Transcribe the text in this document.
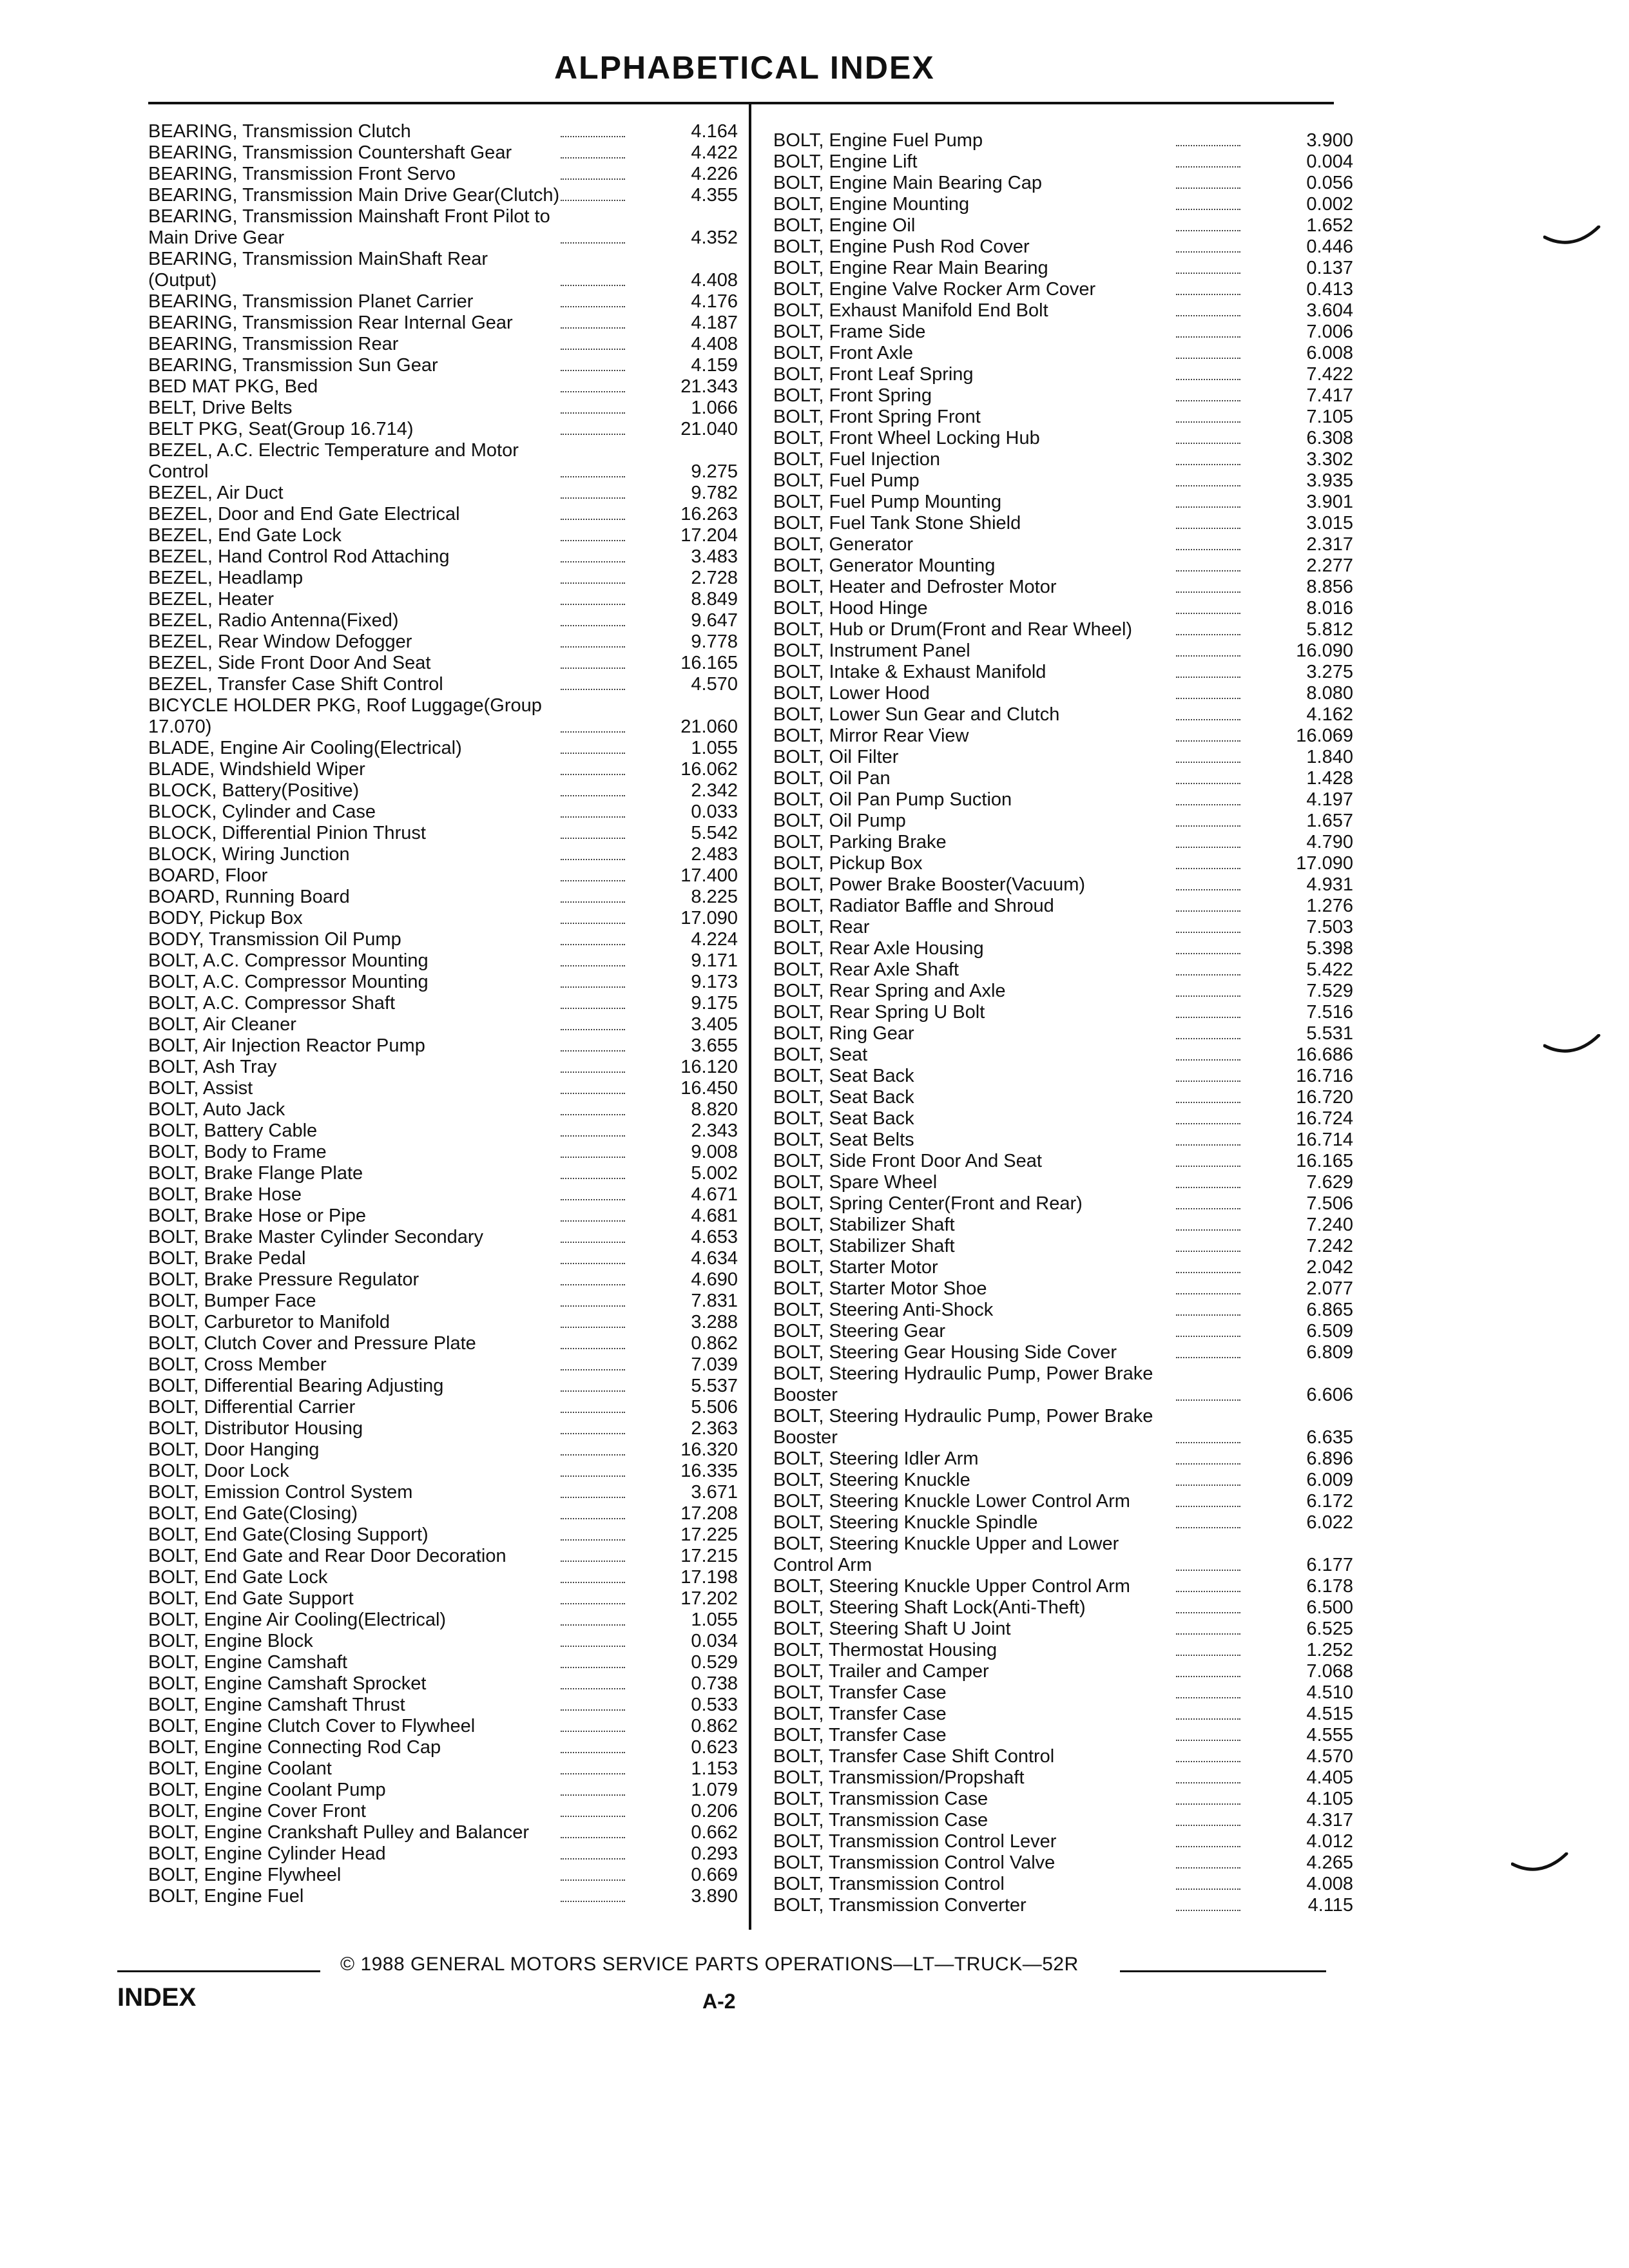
ALPHABETICAL INDEX
BEARING, Transmission Clutch	4.164
BEARING, Transmission Countershaft Gear	4.422
BEARING, Transmission Front Servo	4.226
BEARING, Transmission Main Drive Gear(Clutch)	4.355
BEARING, Transmission Mainshaft Front Pilot to
Main Drive Gear	4.352
BEARING, Transmission MainShaft Rear
(Output)	4.408
BEARING, Transmission Planet Carrier	4.176
BEARING, Transmission Rear Internal Gear	4.187
BEARING, Transmission Rear	4.408
BEARING, Transmission Sun Gear	4.159
BED MAT PKG, Bed	21.343
BELT, Drive Belts	1.066
BELT PKG, Seat(Group 16.714)	21.040
BEZEL, A.C. Electric Temperature and Motor
Control	9.275
BEZEL, Air Duct	9.782
BEZEL, Door and End Gate Electrical	16.263
BEZEL, End Gate Lock	17.204
BEZEL, Hand Control Rod Attaching	3.483
BEZEL, Headlamp	2.728
BEZEL, Heater	8.849
BEZEL, Radio Antenna(Fixed)	9.647
BEZEL, Rear Window Defogger	9.778
BEZEL, Side Front Door And Seat	16.165
BEZEL, Transfer Case Shift Control	4.570
BICYCLE HOLDER PKG, Roof Luggage(Group
17.070)	21.060
BLADE, Engine Air Cooling(Electrical)	1.055
BLADE, Windshield Wiper	16.062
BLOCK, Battery(Positive)	2.342
BLOCK, Cylinder and Case	0.033
BLOCK, Differential Pinion Thrust	5.542
BLOCK, Wiring Junction	2.483
BOARD, Floor	17.400
BOARD, Running Board	8.225
BODY, Pickup Box	17.090
BODY, Transmission Oil Pump	4.224
BOLT, A.C. Compressor Mounting	9.171
BOLT, A.C. Compressor Mounting	9.173
BOLT, A.C. Compressor Shaft	9.175
BOLT, Air Cleaner	3.405
BOLT, Air Injection Reactor Pump	3.655
BOLT, Ash Tray	16.120
BOLT, Assist	16.450
BOLT, Auto Jack	8.820
BOLT, Battery Cable	2.343
BOLT, Body to Frame	9.008
BOLT, Brake Flange Plate	5.002
BOLT, Brake Hose	4.671
BOLT, Brake Hose or Pipe	4.681
BOLT, Brake Master Cylinder Secondary	4.653
BOLT, Brake Pedal	4.634
BOLT, Brake Pressure Regulator	4.690
BOLT, Bumper Face	7.831
BOLT, Carburetor to Manifold	3.288
BOLT, Clutch Cover and Pressure Plate	0.862
BOLT, Cross Member	7.039
BOLT, Differential Bearing Adjusting	5.537
BOLT, Differential Carrier	5.506
BOLT, Distributor Housing	2.363
BOLT, Door Hanging	16.320
BOLT, Door Lock	16.335
BOLT, Emission Control System	3.671
BOLT, End Gate(Closing)	17.208
BOLT, End Gate(Closing Support)	17.225
BOLT, End Gate and Rear Door Decoration	17.215
BOLT, End Gate Lock	17.198
BOLT, End Gate Support	17.202
BOLT, Engine Air Cooling(Electrical)	1.055
BOLT, Engine Block	0.034
BOLT, Engine Camshaft	0.529
BOLT, Engine Camshaft Sprocket	0.738
BOLT, Engine Camshaft Thrust	0.533
BOLT, Engine Clutch Cover to Flywheel	0.862
BOLT, Engine Connecting Rod Cap	0.623
BOLT, Engine Coolant	1.153
BOLT, Engine Coolant Pump	1.079
BOLT, Engine Cover Front	0.206
BOLT, Engine Crankshaft Pulley and Balancer	0.662
BOLT, Engine Cylinder Head	0.293
BOLT, Engine Flywheel	0.669
BOLT, Engine Fuel	3.890
BOLT, Engine Fuel Pump	3.900
BOLT, Engine Lift	0.004
BOLT, Engine Main Bearing Cap	0.056
BOLT, Engine Mounting	0.002
BOLT, Engine Oil	1.652
BOLT, Engine Push Rod Cover	0.446
BOLT, Engine Rear Main Bearing	0.137
BOLT, Engine Valve Rocker Arm Cover	0.413
BOLT, Exhaust Manifold End Bolt	3.604
BOLT, Frame Side	7.006
BOLT, Front Axle	6.008
BOLT, Front Leaf Spring	7.422
BOLT, Front Spring	7.417
BOLT, Front Spring Front	7.105
BOLT, Front Wheel Locking Hub	6.308
BOLT, Fuel Injection	3.302
BOLT, Fuel Pump	3.935
BOLT, Fuel Pump Mounting	3.901
BOLT, Fuel Tank Stone Shield	3.015
BOLT, Generator	2.317
BOLT, Generator Mounting	2.277
BOLT, Heater and Defroster Motor	8.856
BOLT, Hood Hinge	8.016
BOLT, Hub or Drum(Front and Rear Wheel)	5.812
BOLT, Instrument Panel	16.090
BOLT, Intake & Exhaust Manifold	3.275
BOLT, Lower Hood	8.080
BOLT, Lower Sun Gear and Clutch	4.162
BOLT, Mirror Rear View	16.069
BOLT, Oil Filter	1.840
BOLT, Oil Pan	1.428
BOLT, Oil Pan Pump Suction	4.197
BOLT, Oil Pump	1.657
BOLT, Parking Brake	4.790
BOLT, Pickup Box	17.090
BOLT, Power Brake Booster(Vacuum)	4.931
BOLT, Radiator Baffle and Shroud	1.276
BOLT, Rear	7.503
BOLT, Rear Axle Housing	5.398
BOLT, Rear Axle Shaft	5.422
BOLT, Rear Spring and Axle	7.529
BOLT, Rear Spring U Bolt	7.516
BOLT, Ring Gear	5.531
BOLT, Seat	16.686
BOLT, Seat Back	16.716
BOLT, Seat Back	16.720
BOLT, Seat Back	16.724
BOLT, Seat Belts	16.714
BOLT, Side Front Door And Seat	16.165
BOLT, Spare Wheel	7.629
BOLT, Spring Center(Front and Rear)	7.506
BOLT, Stabilizer Shaft	7.240
BOLT, Stabilizer Shaft	7.242
BOLT, Starter Motor	2.042
BOLT, Starter Motor Shoe	2.077
BOLT, Steering Anti-Shock	6.865
BOLT, Steering Gear	6.509
BOLT, Steering Gear Housing Side Cover	6.809
BOLT, Steering Hydraulic Pump, Power Brake
Booster	6.606
BOLT, Steering Hydraulic Pump, Power Brake
Booster	6.635
BOLT, Steering Idler Arm	6.896
BOLT, Steering Knuckle	6.009
BOLT, Steering Knuckle Lower Control Arm	6.172
BOLT, Steering Knuckle Spindle	6.022
BOLT, Steering Knuckle Upper and Lower
Control Arm	6.177
BOLT, Steering Knuckle Upper Control Arm	6.178
BOLT, Steering Shaft Lock(Anti-Theft)	6.500
BOLT, Steering Shaft U Joint	6.525
BOLT, Thermostat Housing	1.252
BOLT, Trailer and Camper	7.068
BOLT, Transfer Case	4.510
BOLT, Transfer Case	4.515
BOLT, Transfer Case	4.555
BOLT, Transfer Case Shift Control	4.570
BOLT, Transmission/Propshaft	4.405
BOLT, Transmission Case	4.105
BOLT, Transmission Case	4.317
BOLT, Transmission Control Lever	4.012
BOLT, Transmission Control Valve	4.265
BOLT, Transmission Control	4.008
BOLT, Transmission Converter	4.115
© 1988 GENERAL MOTORS SERVICE PARTS OPERATIONS—LT—TRUCK—52R
INDEX	A-2
